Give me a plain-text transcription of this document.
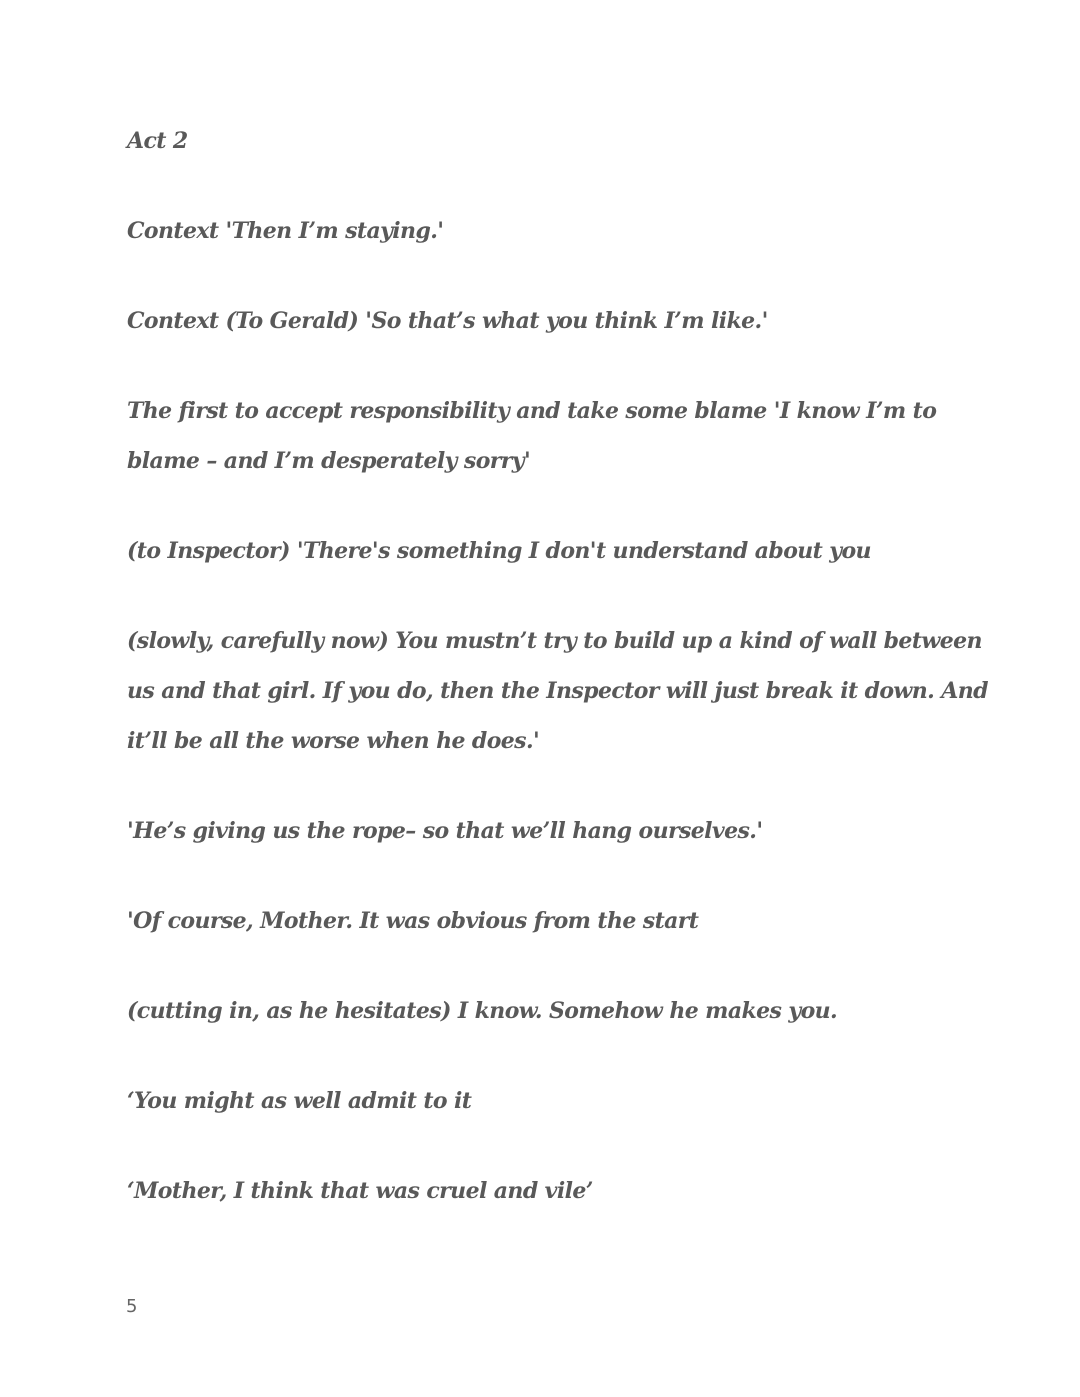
Act 2

Context 'Then I’m staying.'

Context (To Gerald) 'So that’s what you think I’m like.'

The first to accept responsibility and take some blame 'I know I’m to

blame – and I’m desperately sorry'

(to Inspector) 'There's something I don't understand about you

(slowly, carefully now) You mustn’t try to build up a kind of wall between

us and that girl. If you do, then the Inspector will just break it down. And

it’ll be all the worse when he does.'

'He’s giving us the rope– so that we’ll hang ourselves.'

'Of course, Mother. It was obvious from the start

(cutting in, as he hesitates) I know. Somehow he makes you.

‘You might as well admit to it

‘Mother, I think that was cruel and vile’

5
